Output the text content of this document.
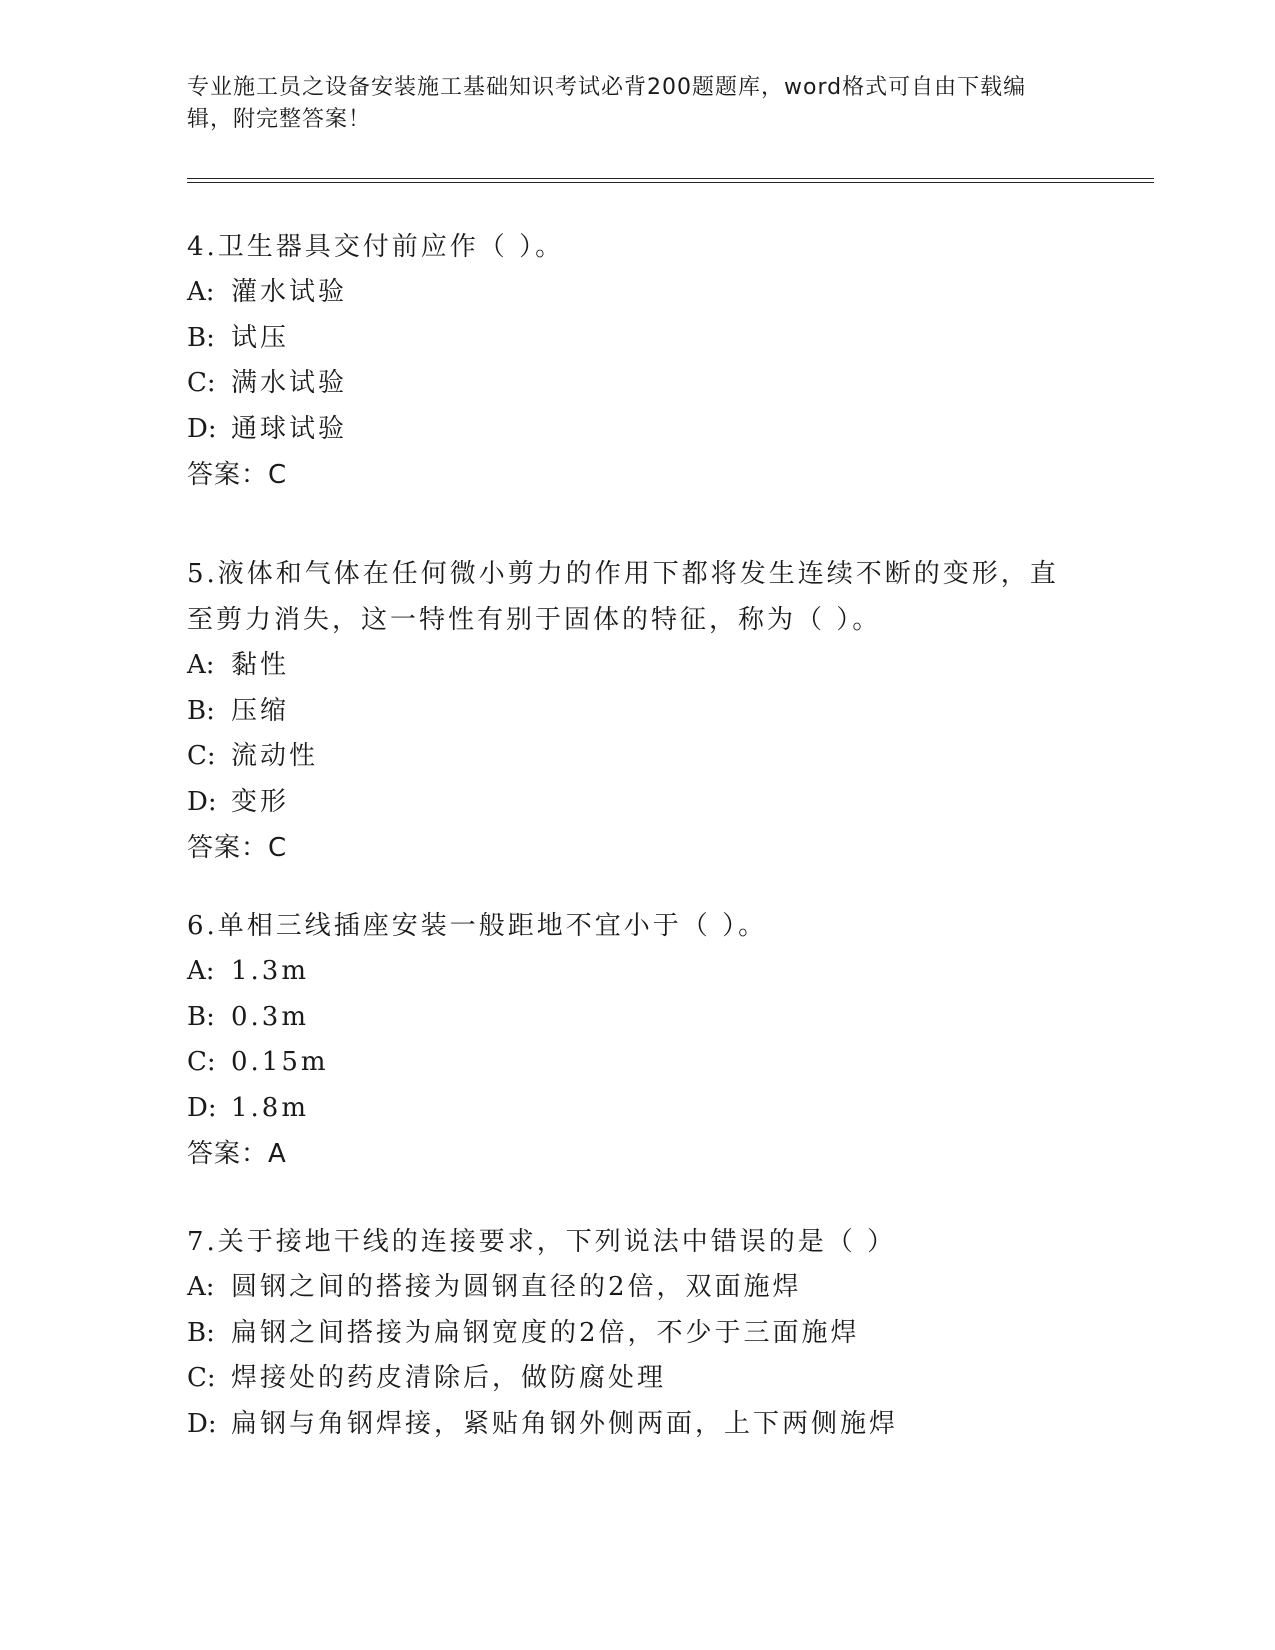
专业施工员之设备安装施工基础知识考试必背200题题库，word格式可自由下载编辑，附完整答案！
4.卫生器具交付前应作（ ）。
A: 灌水试验
B: 试压
C: 满水试验
D: 通球试验
答案：C
5.液体和气体在任何微小剪力的作用下都将发生连续不断的变形，直至剪力消失，这一特性有别于固体的特征，称为（ ）。
A: 黏性
B: 压缩
C: 流动性
D: 变形
答案：C
6.单相三线插座安装一般距地不宜小于（ ）。
A: 1.3m
B: 0.3m
C: 0.15m
D: 1.8m
答案：A
7.关于接地干线的连接要求，下列说法中错误的是（ ）
A: 圆钢之间的搭接为圆钢直径的2倍，双面施焊
B: 扁钢之间搭接为扁钢宽度的2倍，不少于三面施焊
C: 焊接处的药皮清除后，做防腐处理
D: 扁钢与角钢焊接，紧贴角钢外侧两面，上下两侧施焊
